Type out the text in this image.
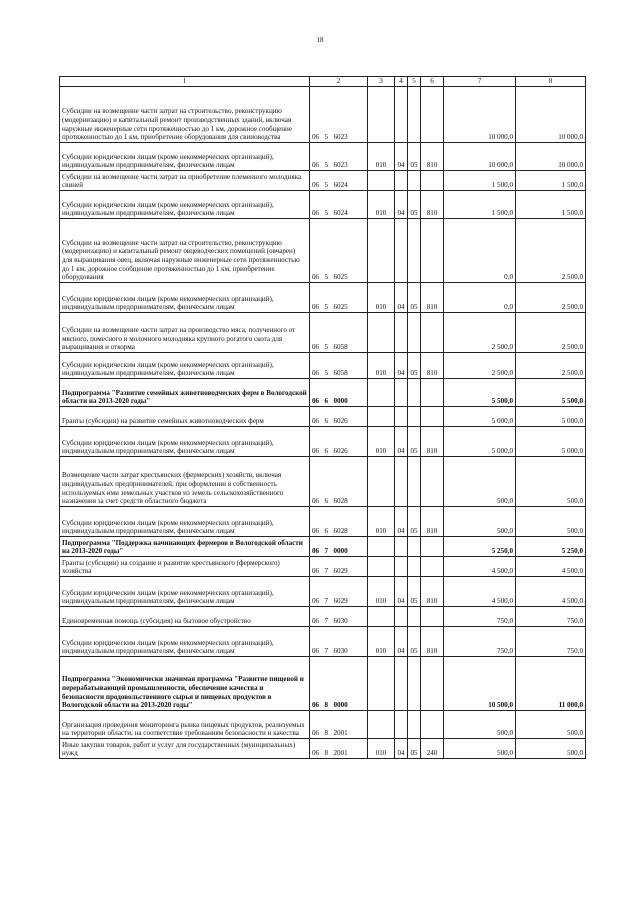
18
1	2			3	4	5	6	7	8
Субсидии на возмещение части затрат на строительство, реконструкцию (модернизацию) и капитальный ремонт производственных зданий, включая наружные инженерные сети протяженностью до 1 км, дорожное сообщение протяженностью до 1 км, приобретение оборудования для свиноводства	06	5	6023					10 000,0	10 000,0
Субсидии юридическим лицам (кроме некоммерческих организаций), индивидуальным предпринимателям, физическим лицам	06	5	6023	010	04	05	810	10 000,0	10 000,0
Субсидии на возмещение части затрат на приобретение племенного молодняка свиней	06	5	6024					1 500,0	1 500,0
Субсидии юридическим лицам (кроме некоммерческих организаций), индивидуальным предпринимателям, физическим лицам	06	5	6024	010	04	05	810	1 500,0	1 500,0
Субсидии на возмещение части затрат на строительство, реконструкцию (модернизацию) и капитальный ремонт овцеводческих помещений (овчарен) для выращивания овец, включая наружные инженерные сети протяженностью до 1 км, дорожное сообщение протяженностью до 1 км, приобретение оборудования	06	5	6025					0,0	2 500,0
Субсидии юридическим лицам (кроме некоммерческих организаций), индивидуальным предпринимателям, физическим лицам	06	5	6025	010	04	05	810	0,0	2 500,0
Субсидии на возмещение части затрат на производство мяса, полученного от мясного, помесного и молочного молодняка крупного рогатого скота для выращивания и откорма	06	5	6058					2 500,0	2 500,0
Субсидии юридическим лицам (кроме некоммерческих организаций), индивидуальным предпринимателям, физическим лицам	06	5	6058	010	04	05	810	2 500,0	2 500,0
Подпрограмма "Развитие семейных животноводческих ферм в Вологодской области на 2013-2020 годы"	06	6	0000					5 500,0	5 500,0
Гранты (субсидии) на развитие семейных животноводческих ферм	06	6	6026					5 000,0	5 000,0
Субсидии юридическим лицам (кроме некоммерческих организаций), индивидуальным предпринимателям, физическим лицам	06	6	6026	010	04	05	810	5 000,0	5 000,0
Возмещение части затрат крестьянских (фермерских) хозяйств, включая индивидуальных предпринимателей, при оформлении в собственность используемых ими земельных участков из земель сельскохозяйственного назначения за счет средств областного бюджета	06	6	6028					500,0	500,0
Субсидии юридическим лицам (кроме некоммерческих организаций), индивидуальным предпринимателям, физическим лицам	06	6	6028	010	04	05	810	500,0	500,0
Подпрограмма "Поддержка начинающих фермеров в Вологодской области на 2013-2020 годы"	06	7	0000					5 250,0	5 250,0
Гранты (субсидии) на создание и развитие крестьянского (фермерского) хозяйства	06	7	6029					4 500,0	4 500,0
Субсидии юридическим лицам (кроме некоммерческих организаций), индивидуальным предпринимателям, физическим лицам	06	7	6029	010	04	05	810	4 500,0	4 500,0
Единовременная помощь (субсидия) на бытовое обустройство	06	7	6030					750,0	750,0
Субсидии юридическим лицам (кроме некоммерческих организаций), индивидуальным предпринимателям, физическим лицам	06	7	6030	010	04	05	810	750,0	750,0
Подпрограмма "Экономически значимая программа "Развитие пищевой и перерабатывающей промышленности, обеспечение качества и безопасности продовольственного сырья и пищевых продуктов в Вологодской области на 2013-2020 годы"	06	8	0000					10 500,0	11 000,0
Организация проведения мониторинга рынка пищевых продуктов, реализуемых на территории области, на соответствие требованиям безопасности и качества	06	8	2001					500,0	500,0
Иные закупки товаров, работ и услуг для государственных (муниципальных) нужд	06	8	2001	010	04	05	240	500,0	500,0
